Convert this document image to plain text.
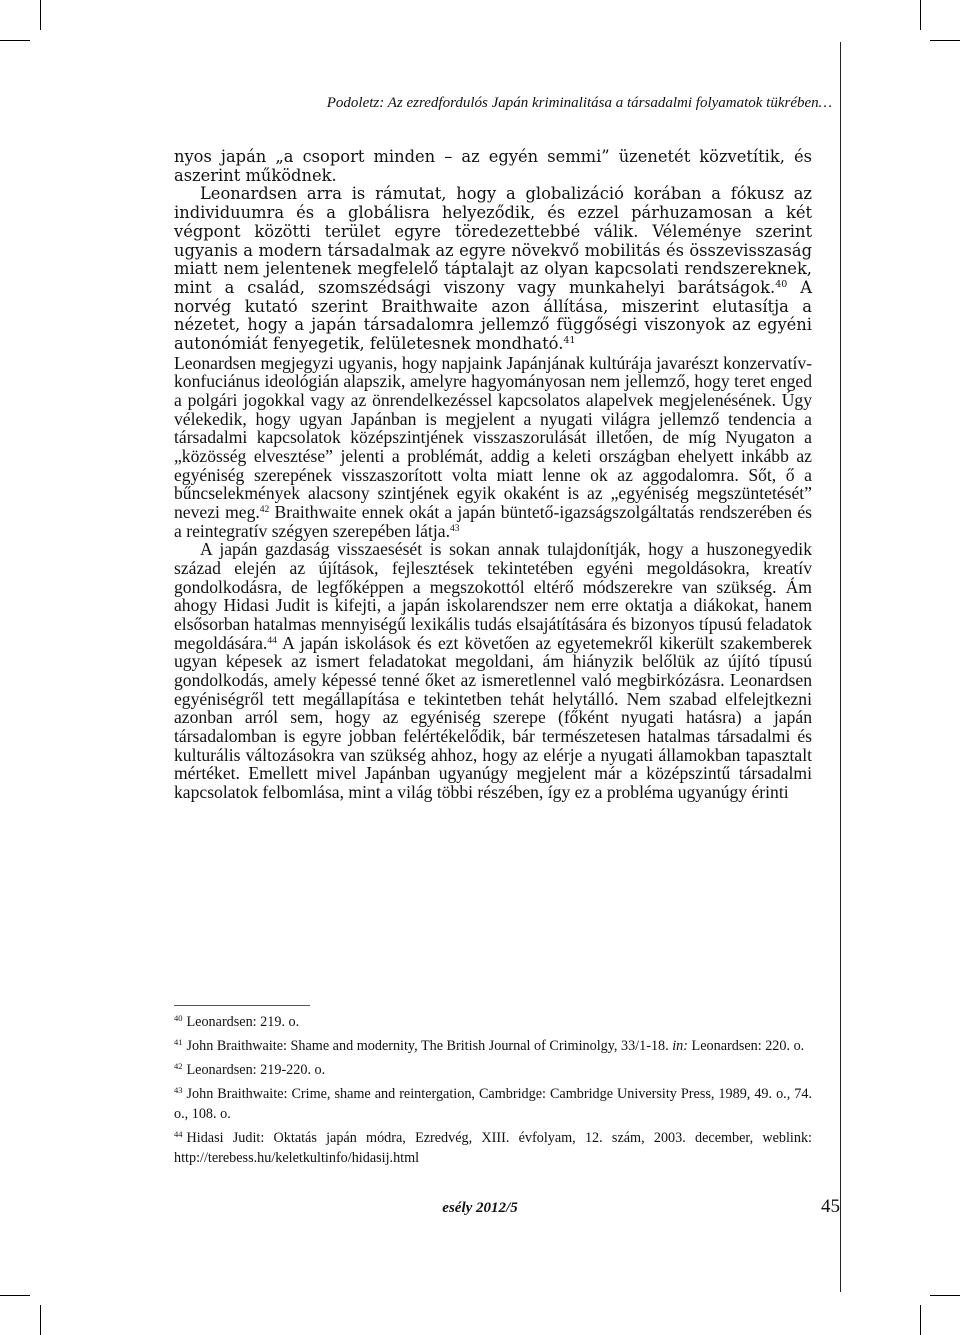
Podoletz: Az ezredfordulós Japán kriminalitása a társadalmi folyamatok tükrében…

nyos japán „a csoport minden – az egyén semmi” üzenetét közvetítik, és aszerint működnek.

Leonardsen arra is rámutat, hogy a globalizáció korában a fókusz az individuumra és a globálisra helyeződik, és ezzel párhuzamosan a két végpont közötti terület egyre töredezettebbé válik. Véleménye szerint ugyanis a modern társadalmak az egyre növekvő mobilitás és összevisszaság miatt nem jelentenek megfelelő táptalajt az olyan kapcsolati rendszereknek, mint a család, szomszédsági viszony vagy munkahelyi barátságok.$^{40}$ A norvég kutató szerint Braithwaite azon állítása, miszerint elutasítja a nézetet, hogy a japán társadalomra jellemző függőségi viszonyok az egyéni autonómiát fenyegetik, felületesnek mondható.$^{41}$

Leonardsen megjegyzi ugyanis, hogy napjaink Japánjának kultúrája javarészt konzervatív-konfuciánus ideológián alapszik, amelyre hagyományosan nem jellemző, hogy teret enged a polgári jogokkal vagy az önrendelkezéssel kapcsolatos alapelvek megjelenésének. Úgy vélekedik, hogy ugyan Japánban is megjelent a nyugati világra jellemző tendencia a társadalmi kapcsolatok középszintjének visszaszorulását illetően, de míg Nyugaton a „közösség elvesztése” jelenti a problémát, addig a keleti országban ehelyett inkább az egyéniség szerepének visszaszorított volta miatt lenne ok az aggodalomra. Sőt, ő a bűncselekmények alacsony szintjének egyik okaként is az „egyéniség megszüntetését” nevezi meg.$^{42}$ Braithwaite ennek okát a japán büntető-igazságszolgáltatás rendszerében és a reintegratív szégyen szerepében látja.$^{43}$

A japán gazdaság visszaesését is sokan annak tulajdonítják, hogy a huszonegyedik század elején az újítások, fejlesztések tekintetében egyéni megoldásokra, kreatív gondolkodásra, de legfőképpen a megszokottól eltérő módszerekre van szükség. Ám ahogy Hidasi Judit is kifejti, a japán iskolarendszer nem erre oktatja a diákokat, hanem elsősorban hatalmas mennyiségű lexikális tudás elsajátítására és bizonyos típusú feladatok megoldására.$^{44}$ A japán iskolások és ezt követően az egyetemekről kikerült szakemberek ugyan képesek az ismert feladatokat megoldani, ám hiányzik belőlük az újító típusú gondolkodás, amely képessé tenné őket az ismeretlennel való megbirkózásra. Leonardsen egyéniségről tett megállapítása e tekintetben tehát helytálló. Nem szabad elfelejtkezni azonban arról sem, hogy az egyéniség szerepe (főként nyugati hatásra) a japán társadalomban is egyre jobban felértékelődik, bár természetesen hatalmas társadalmi és kulturális változásokra van szükség ahhoz, hogy az elérje a nyugati államokban tapasztalt mértéket. Emellett mivel Japánban ugyanúgy megjelent már a középszintű társadalmi kapcsolatok felbomlása, mint a világ többi részében, így ez a probléma ugyanúgy érinti

$^{40}$ Leonardsen: 219. o.

$^{41}$ John Braithwaite: Shame and modernity, The British Journal of Criminolgy, 33/1-18. in: Leonardsen: 220. o.

$^{42}$ Leonardsen: 219-220. o.

$^{43}$ John Braithwaite: Crime, shame and reintergation, Cambridge: Cambridge University Press, 1989, 49. o., 74. o., 108. o.

$^{44}$ Hidasi Judit: Oktatás japán módra, Ezredvég, XIII. évfolyam, 12. szám, 2003. december, weblink: http://terebess.hu/keletkultinfo/hidasij.html

esély 2012/5	45
